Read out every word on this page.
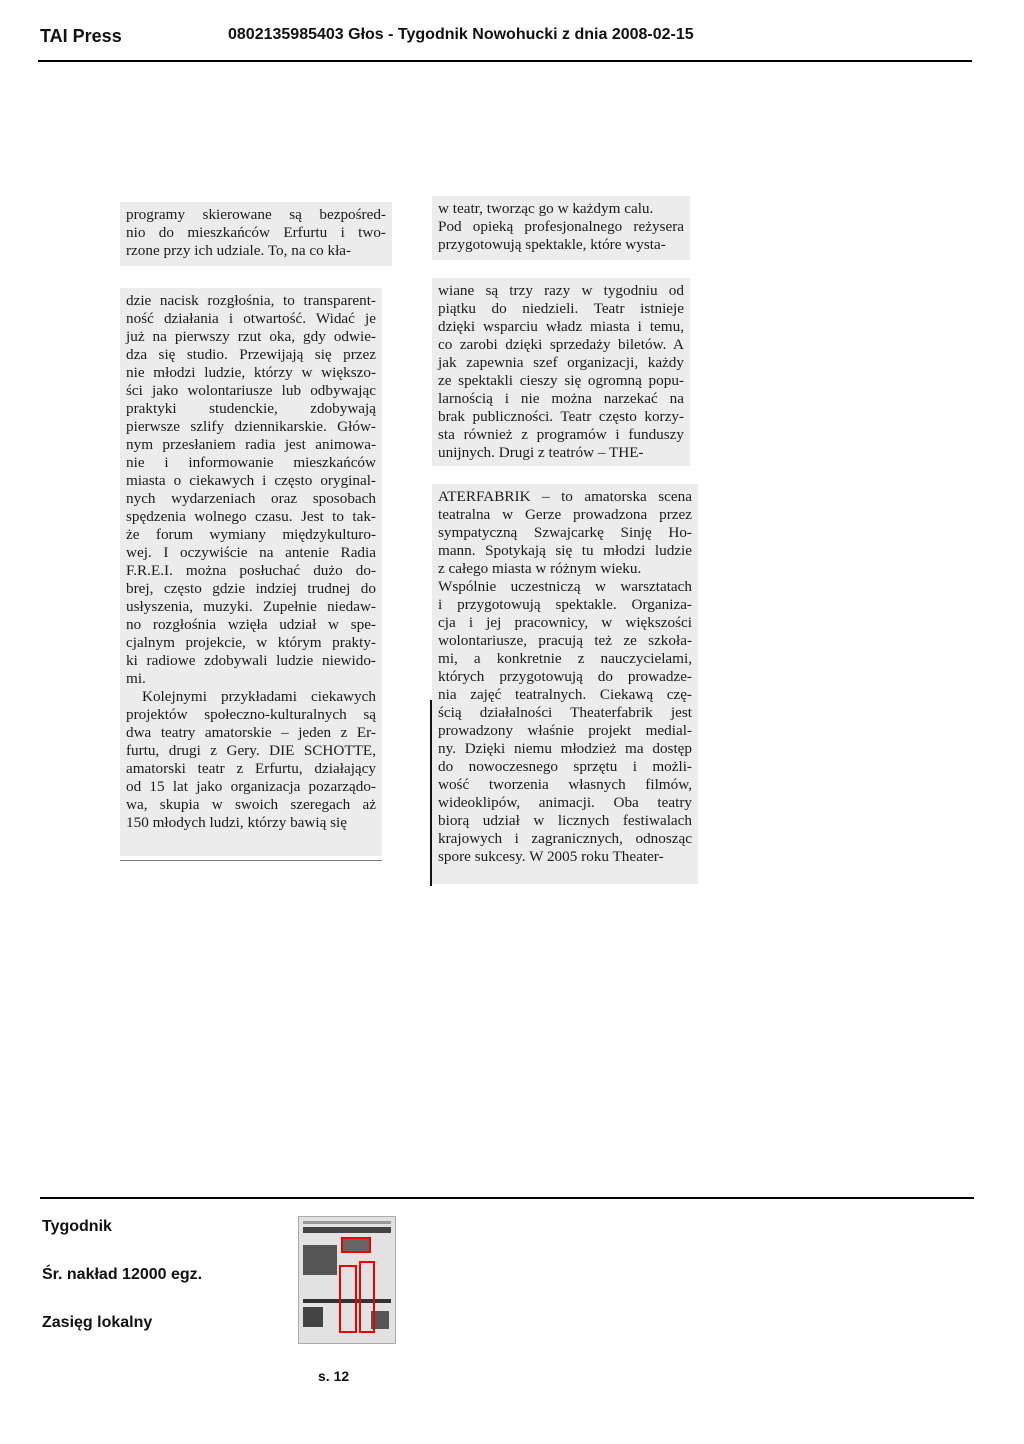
TAI Press	0802135985403 Głos - Tygodnik Nowohucki z dnia 2008-02-15
programy skierowane są bezpośred-
nio do mieszkańców Erfurtu i two-
rzone przy ich udziale. To, na co kła-
dzie nacisk rozgłośnia, to transparent-
ność działania i otwartość. Widać je
już na pierwszy rzut oka, gdy odwie-
dza się studio. Przewijają się przez
nie młodzi ludzie, którzy w większo-
ści jako wolontariusze lub odbywając
praktyki studenckie, zdobywają
pierwsze szlify dziennikarskie. Głów-
nym przesłaniem radia jest animowa-
nie i informowanie mieszkańców
miasta o ciekawych i często oryginal-
nych wydarzeniach oraz sposobach
spędzenia wolnego czasu. Jest to tak-
że forum wymiany międzykulturo-
wej. I oczywiście na antenie Radia
F.R.E.I. można posłuchać dużo do-
brej, często gdzie indziej trudnej do
usłyszenia, muzyki. Zupełnie niedaw-
no rozgłośnia wzięła udział w spe-
cjalnym projekcie, w którym prakty-
ki radiowe zdobywali ludzie niewido-
mi.
Kolejnymi przykładami ciekawych
projektów społeczno-kulturalnych są
dwa teatry amatorskie – jeden z Er-
furtu, drugi z Gery. DIE SCHOTTE,
amatorski teatr z Erfurtu, działający
od 15 lat jako organizacja pozarządo-
wa, skupia w swoich szeregach aż
150 młodych ludzi, którzy bawią się
w teatr, tworząc go w każdym calu.
Pod opieką profesjonalnego reżysera
przygotowują spektakle, które wysta-
wiane są trzy razy w tygodniu od
piątku do niedzieli. Teatr istnieje
dzięki wsparciu władz miasta i temu,
co zarobi dzięki sprzedaży biletów. A
jak zapewnia szef organizacji, każdy
ze spektakli cieszy się ogromną popu-
larnością i nie można narzekać na
brak publiczności. Teatr często korzy-
sta również z programów i funduszy
unijnych. Drugi z teatrów – THE-
ATERFABRIK – to amatorska scena
teatralna w Gerze prowadzona przez
sympatyczną Szwajcarkę Sinję Ho-
mann. Spotykają się tu młodzi ludzie
z całego miasta w różnym wieku.
Wspólnie uczestniczą w warsztatach
i przygotowują spektakle. Organiza-
cja i jej pracownicy, w większości
wolontariusze, pracują też ze szkoła-
mi, a konkretnie z nauczycielami,
których przygotowują do prowadze-
nia zajęć teatralnych. Ciekawą czę-
ścią działalności Theaterfabrik jest
prowadzony właśnie projekt medial-
ny. Dzięki niemu młodzież ma dostęp
do nowoczesnego sprzętu i możli-
wość tworzenia własnych filmów,
wideoklipów, animacji. Oba teatry
biorą udział w licznych festiwalach
krajowych i zagranicznych, odnosząc
spore sukcesy. W 2005 roku Theater-
Tygodnik
Śr. nakład 12000 egz.
Zasięg lokalny
s. 12
